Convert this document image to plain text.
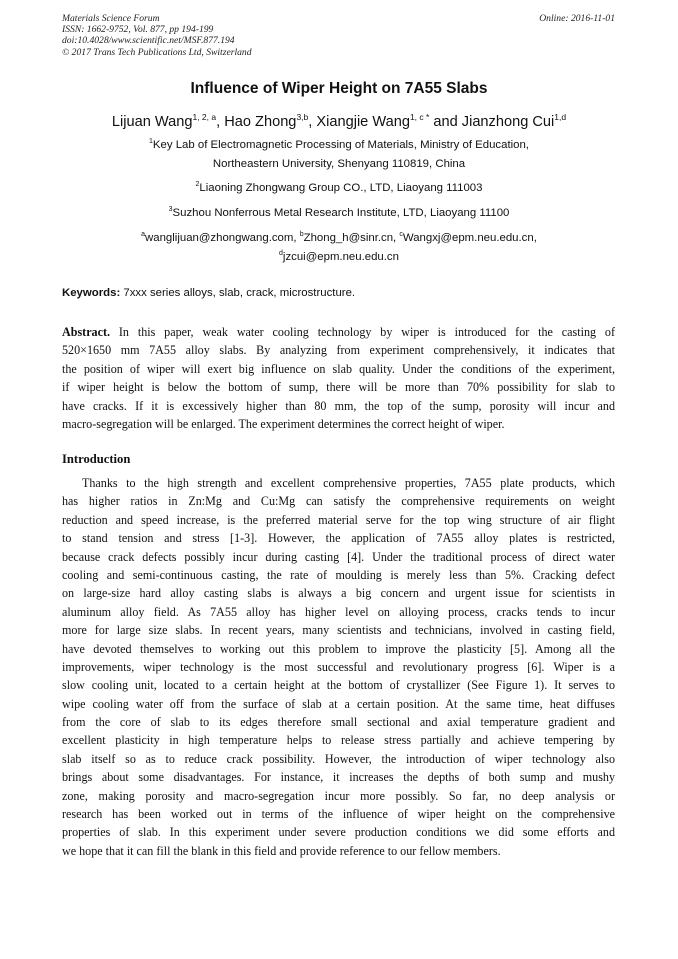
Materials Science Forum
ISSN: 1662-9752, Vol. 877, pp 194-199
doi:10.4028/www.scientific.net/MSF.877.194
© 2017 Trans Tech Publications Ltd, Switzerland
Online: 2016-11-01
Influence of Wiper Height on 7A55 Slabs
Lijuan Wang$^{1, 2, a}$, Hao Zhong$^{3,b}$, Xiangjie Wang$^{1, c *}$ and Jianzhong Cui$^{1,d}$
$^1$Key Lab of Electromagnetic Processing of Materials, Ministry of Education,
Northeastern University, Shenyang 110819, China
$^2$Liaoning Zhongwang Group CO., LTD, Liaoyang 111003
$^3$Suzhou Nonferrous Metal Research Institute, LTD, Liaoyang 11100
$^a$wanglijuan@zhongwang.com, $^b$Zhong_h@sinr.cn, $^c$Wangxj@epm.neu.edu.cn,
$^d$jzcui@epm.neu.edu.cn
Keywords: 7xxx series alloys, slab, crack, microstructure.
Abstract. In this paper, weak water cooling technology by wiper is introduced for the casting of
520×1650 mm 7A55 alloy slabs. By analyzing from experiment comprehensively, it indicates that
the position of wiper will exert big influence on slab quality. Under the conditions of the experiment,
if wiper height is below the bottom of sump, there will be more than 70% possibility for slab to
have cracks. If it is excessively higher than 80 mm, the top of the sump, porosity will incur and
macro-segregation will be enlarged. The experiment determines the correct height of wiper.
Introduction
Thanks to the high strength and excellent comprehensive properties, 7A55 plate products, which
has higher ratios in Zn:Mg and Cu:Mg can satisfy the comprehensive requirements on weight
reduction and speed increase, is the preferred material serve for the top wing structure of air flight
to stand tension and stress [1-3]. However, the application of 7A55 alloy plates is restricted,
because crack defects possibly incur during casting [4]. Under the traditional process of direct water
cooling and semi-continuous casting, the rate of moulding is merely less than 5%. Cracking defect
on large-size hard alloy casting slabs is always a big concern and urgent issue for scientists in
aluminum alloy field. As 7A55 alloy has higher level on alloying process, cracks tends to incur
more for large size slabs. In recent years, many scientists and technicians, involved in casting field,
have devoted themselves to working out this problem to improve the plasticity [5]. Among all the
improvements, wiper technology is the most successful and revolutionary progress [6]. Wiper is a
slow cooling unit, located to a certain height at the bottom of crystallizer (See Figure 1). It serves to
wipe cooling water off from the surface of slab at a certain position. At the same time, heat diffuses
from the core of slab to its edges therefore small sectional and axial temperature gradient and
excellent plasticity in high temperature helps to release stress partially and achieve tempering by
slab itself so as to reduce crack possibility. However, the introduction of wiper technology also
brings about some disadvantages. For instance, it increases the depths of both sump and mushy
zone, making porosity and macro-segregation incur more possibly. So far, no deep analysis or
research has been worked out in terms of the influence of wiper height on the comprehensive
properties of slab. In this experiment under severe production conditions we did some efforts and
we hope that it can fill the blank in this field and provide reference to our fellow members.
